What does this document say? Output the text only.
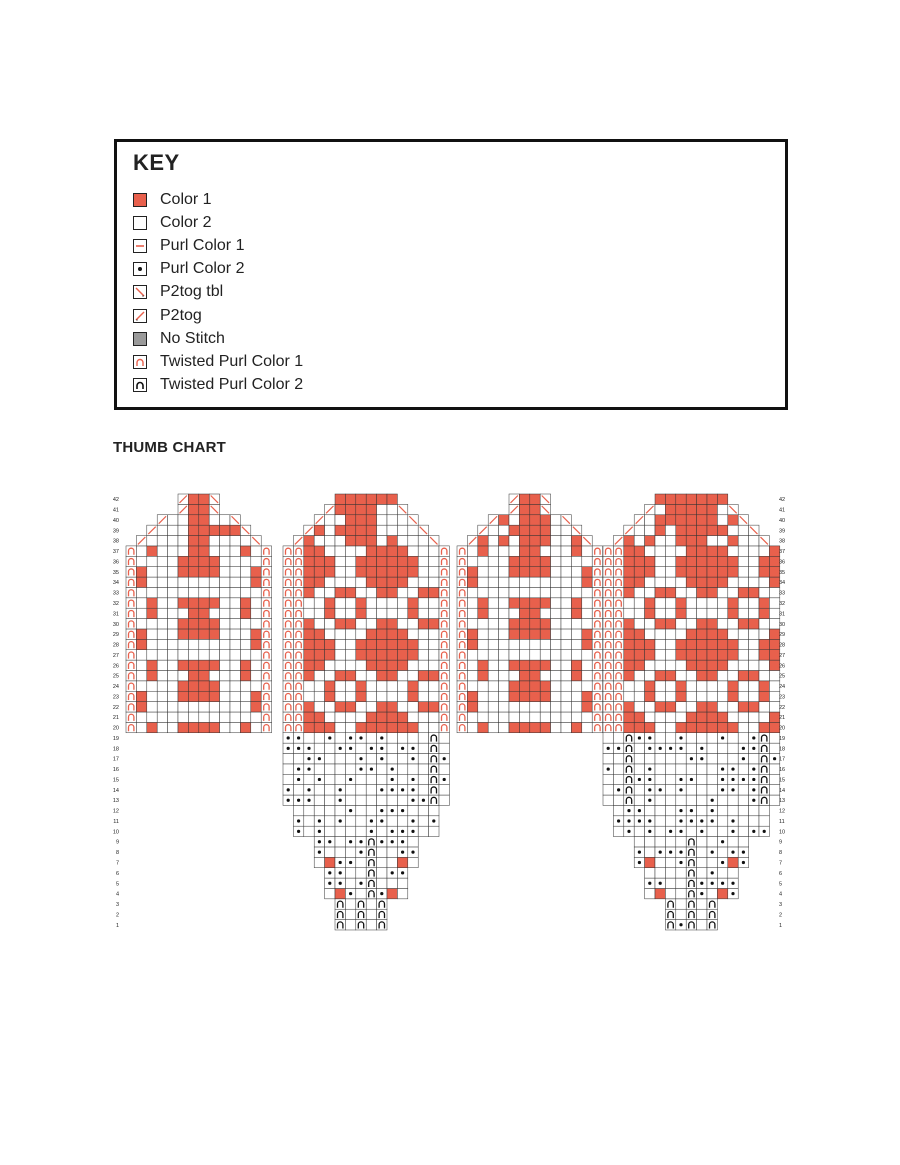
KEY
Color 1
Color 2
Purl Color 1
Purl Color 2
P2tog tbl
P2tog
No Stitch
Twisted Purl Color 1
Twisted Purl Color 2
THUMB CHART
1
1
2
2
3
3
4
4
5
5
6
6
7
7
8
8
9
9
10
10
11
11
12
12
13
13
14
14
15
15
16
16
17
17
18
18
19
19
20	20
21	21
22	22
23	23
24	24
25	25
26	26
27	27
28	28
29	29
30	30
31	31
32	32
33	33
34	34
35	35
36	36
37	37
38	38
39	39
40	40
41	41
42	42
